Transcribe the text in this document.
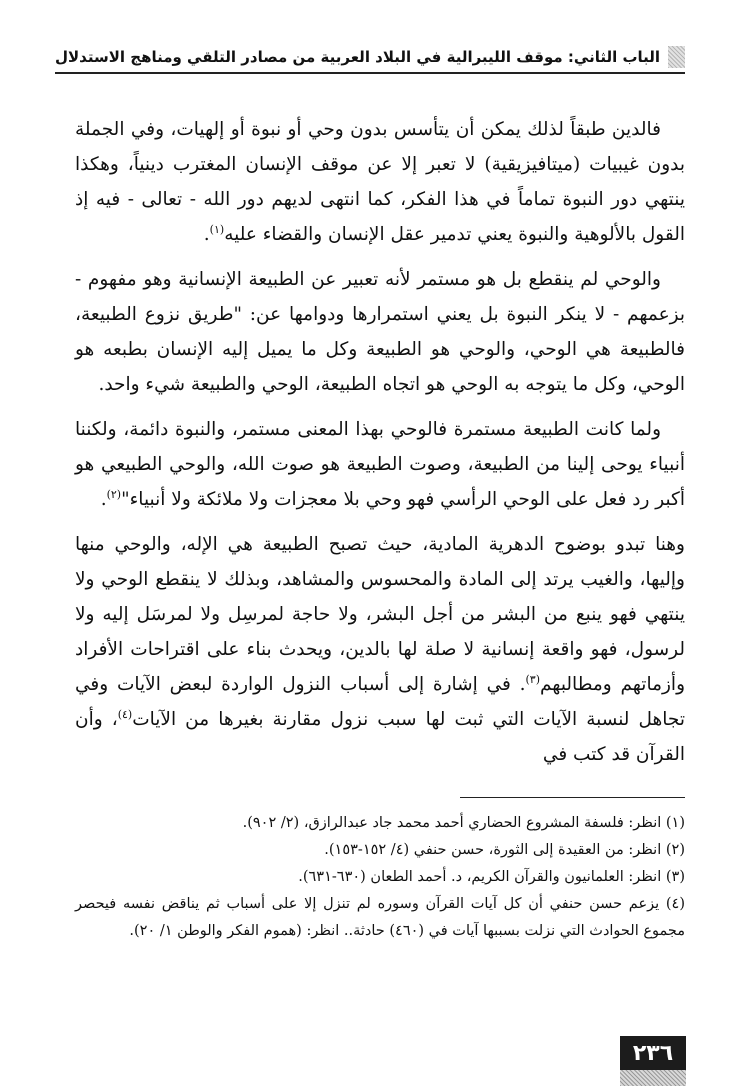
الباب الثاني: موقف الليبرالية في البلاد العربية من مصادر التلقي ومناهج الاستدلال

فالدين طبقاً لذلك يمكن أن يتأسس بدون وحي أو نبوة أو إلهيات، وفي الجملة بدون غيبيات (ميتافيزيقية) لا تعبر إلا عن موقف الإنسان المغترب دينياً، وهكذا ينتهي دور النبوة تماماً في هذا الفكر، كما انتهى لديهم دور الله - تعالى - فيه إذ القول بالألوهية والنبوة يعني تدمير عقل الإنسان والقضاء عليه$^{(١)}$.

والوحي لم ينقطع بل هو مستمر لأنه تعبير عن الطبيعة الإنسانية وهو مفهوم - بزعمهم - لا ينكر النبوة بل يعني استمرارها ودوامها عن: "طريق نزوع الطبيعة، فالطبيعة هي الوحي، والوحي هو الطبيعة وكل ما يميل إليه الإنسان بطبعه هو الوحي، وكل ما يتوجه به الوحي هو اتجاه الطبيعة، الوحي والطبيعة شيء واحد.

ولما كانت الطبيعة مستمرة فالوحي بهذا المعنى مستمر، والنبوة دائمة، ولكننا أنبياء يوحى إلينا من الطبيعة، وصوت الطبيعة هو صوت الله، والوحي الطبيعي هو أكبر رد فعل على الوحي الرأسي فهو وحي بلا معجزات ولا ملائكة ولا أنبياء"$^{(٢)}$.

وهنا تبدو بوضوح الدهرية المادية، حيث تصبح الطبيعة هي الإله، والوحي منها وإليها، والغيب يرتد إلى المادة والمحسوس والمشاهد، وبذلك لا ينقطع الوحي ولا ينتهي فهو ينبع من البشر من أجل البشر، ولا حاجة لمرسِل ولا لمرسَل إليه ولا لرسول، فهو واقعة إنسانية لا صلة لها بالدين، ويحدث بناء على اقتراحات الأفراد وأزماتهم ومطالبهم$^{(٣)}$. في إشارة إلى أسباب النزول الواردة لبعض الآيات وفي تجاهل لنسبة الآيات التي ثبت لها سبب نزول مقارنة بغيرها من الآيات$^{(٤)}$، وأن القرآن قد كتب في

(١) انظر: فلسفة المشروع الحضاري أحمد محمد جاد عبدالرازق، (٢/ ٩٠٢).
(٢) انظر: من العقيدة إلى الثورة، حسن حنفي (٤/ ١٥٢-١٥٣).
(٣) انظر: العلمانيون والقرآن الكريم، د. أحمد الطعان (٦٣٠-٦٣١).
(٤) يزعم حسن حنفي أن كل آيات القرآن وسوره لم تنزل إلا على أسباب ثم يناقض نفسه فيحصر مجموع الحوادث التي نزلت بسببها آيات في (٤٦٠) حادثة.. انظر: (هموم الفكر والوطن ١/ ٢٠).
٢٣٦
